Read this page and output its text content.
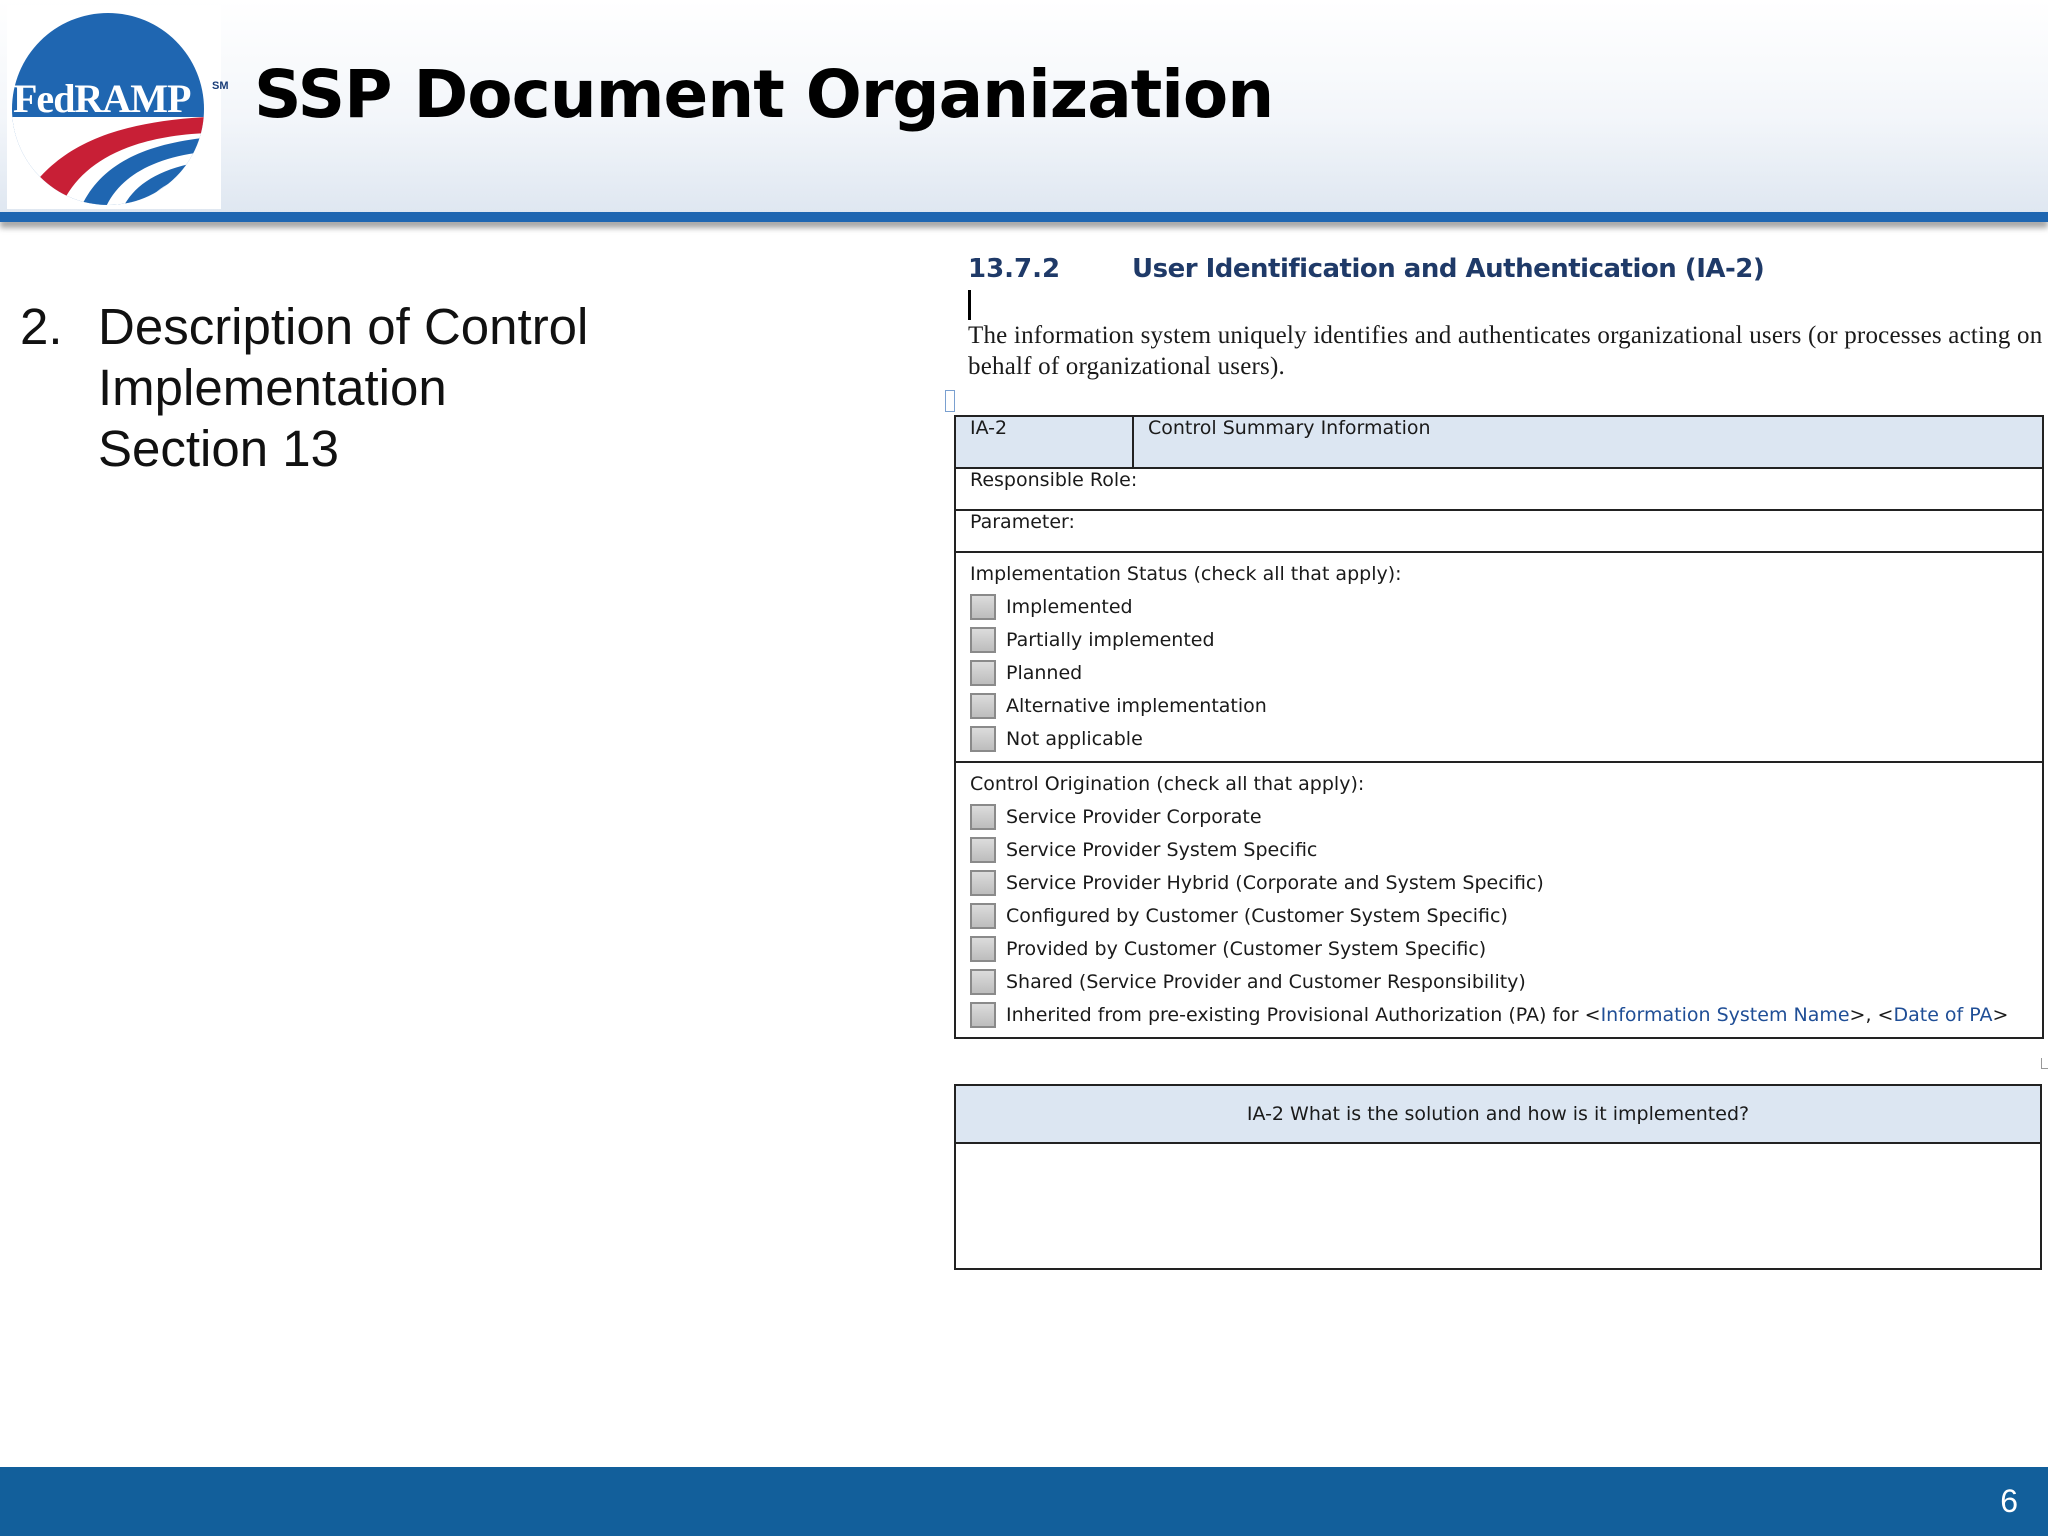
FedRAMP	SM SSP Document Organization
2. Description of Control
Implementation
Section 13
13.7.2	User Identification and Authentication (IA-2)
The information system uniquely identifies and authenticates organizational users (or processes acting on behalf of organizational users).
IA-2	Control Summary Information
Responsible Role:
Parameter:

Implementation Status (check all that apply):
Implemented
Partially implemented
Planned
Alternative implementation
Not applicable

Control Origination (check all that apply):
Service Provider Corporate
Service Provider System Specific
Service Provider Hybrid (Corporate and System Specific)
Configured by Customer (Customer System Specific)
Provided by Customer (Customer System Specific)
Shared (Service Provider and Customer Responsibility)
Inherited from pre-existing Provisional Authorization (PA) for <Information System Name>, <Date of PA>
IA-2 What is the solution and how is it implemented?

6
